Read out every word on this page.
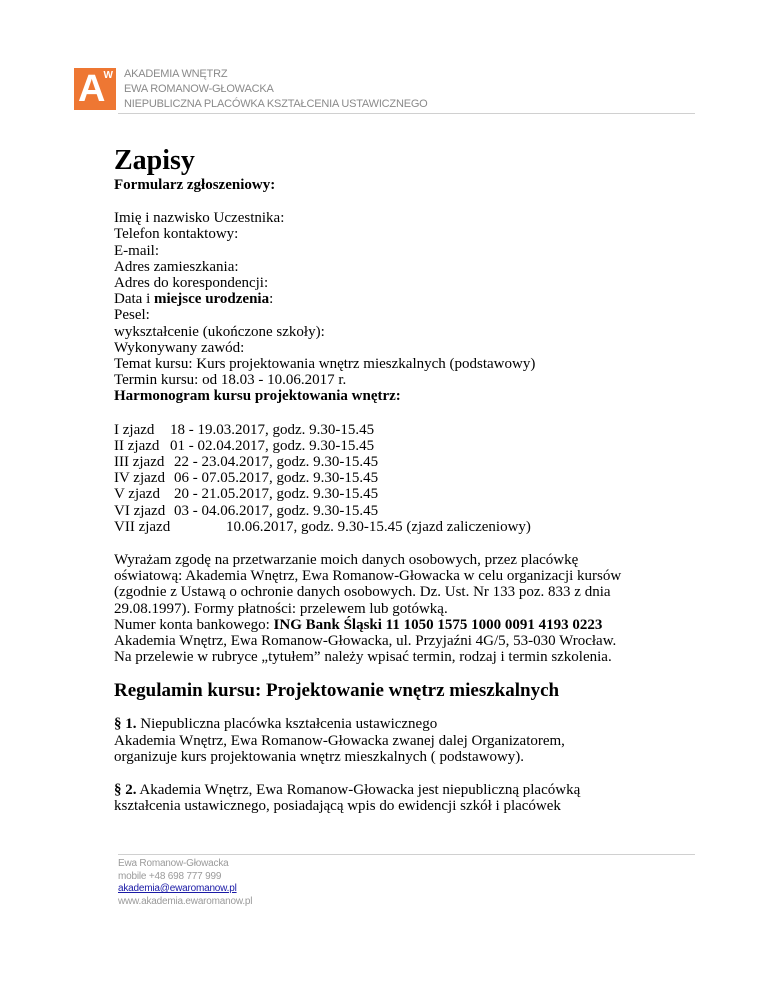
A
W AKADEMIA WNĘTRZ
EWA ROMANOW-GŁOWACKA
NIEPUBLICZNA PLACÓWKA KSZTAŁCENIA USTAWICZNEGO
Zapisy
Formularz zgłoszeniowy:
Imię i nazwisko Uczestnika:
Telefon kontaktowy:
E-mail:
Adres zamieszkania:
Adres do korespondencji:
Data i miejsce urodzenia:
Pesel:
wykształcenie (ukończone szkoły):
Wykonywany zawód:
Temat kursu: Kurs projektowania wnętrz mieszkalnych (podstawowy)
Termin kursu: od 18.03 - 10.06.2017 r.
Harmonogram kursu projektowania wnętrz:
I zjazd 18 - 19.03.2017, godz. 9.30-15.45
II zjazd 01 - 02.04.2017, godz. 9.30-15.45
III zjazd 22 - 23.04.2017, godz. 9.30-15.45
IV zjazd 06 - 07.05.2017, godz. 9.30-15.45
V zjazd 20 - 21.05.2017, godz. 9.30-15.45
VI zjazd 03 - 04.06.2017, godz. 9.30-15.45
VII zjazd	10.06.2017, godz. 9.30-15.45 (zjazd zaliczeniowy)
Wyrażam zgodę na przetwarzanie moich danych osobowych, przez placówkę
oświatową: Akademia Wnętrz, Ewa Romanow-Głowacka w celu organizacji kursów
(zgodnie z Ustawą o ochronie danych osobowych. Dz. Ust. Nr 133 poz. 833 z dnia
29.08.1997). Formy płatności: przelewem lub gotówką.
Numer konta bankowego: ING Bank Śląski 11 1050 1575 1000 0091 4193 0223
Akademia Wnętrz, Ewa Romanow-Głowacka, ul. Przyjaźni 4G/5, 53-030 Wrocław.
Na przelewie w rubryce „tytułem” należy wpisać termin, rodzaj i termin szkolenia.
Regulamin kursu: Projektowanie wnętrz mieszkalnych
§ 1. Niepubliczna placówka kształcenia ustawicznego
Akademia Wnętrz, Ewa Romanow-Głowacka zwanej dalej Organizatorem,
organizuje kurs projektowania wnętrz mieszkalnych ( podstawowy).
§ 2. Akademia Wnętrz, Ewa Romanow-Głowacka jest niepubliczną placówką
kształcenia ustawicznego, posiadającą wpis do ewidencji szkół i placówek
Ewa Romanow-Głowacka
mobile +48 698 777 999
akademia@ewaromanow.pl
www.akademia.ewaromanow.pl
